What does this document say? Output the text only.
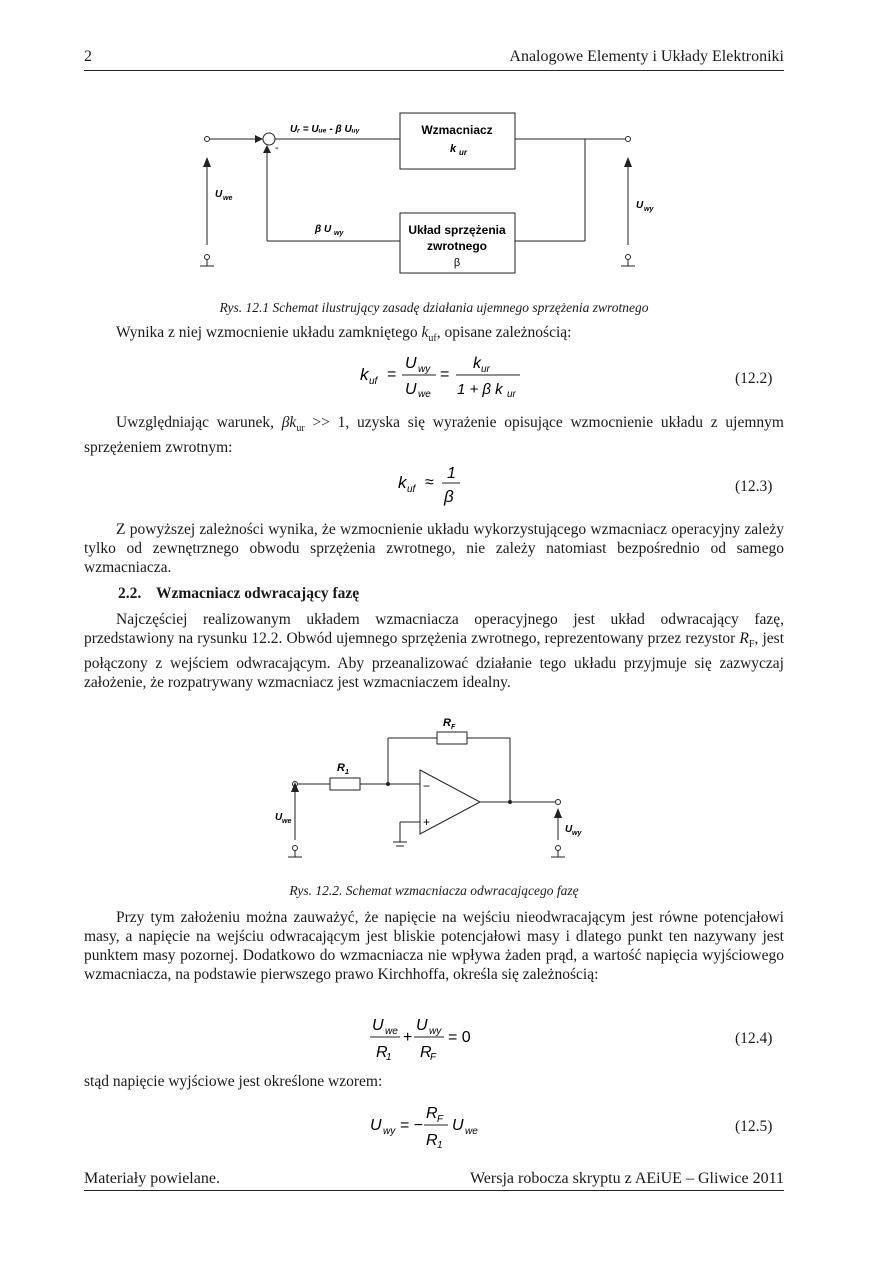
2	Analogowe Elementy i Układy Elektroniki
-
Wzmacniacz
k ur
Układ sprzężenia
zwrotnego
β
Uᵣ = Uᵤₑ - β Uᵤᵧ
β U wy
U we
U wy
Rys. 12.1 Schemat ilustrujący zasadę działania ujemnego sprzężenia zwrotnego
Wynika z niej wzmocnienie układu zamkniętego $k_{uf}$, opisane zależnością:
k uf =
U wy
U we
=
k ur
1 + β k ur
(12.2)
Uwzględniając warunek, $\beta k_{ur} >> 1$, uzyska się wyrażenie opisujące wzmocnienie układu z ujemnym sprzężeniem zwrotnym:
k uf ≈
1
β
(12.3)
Z powyższej zależności wynika, że wzmocnienie układu wykorzystującego wzmacniacz operacyjny zależy tylko od zewnętrznego obwodu sprzężenia zwrotnego, nie zależy natomiast bezpośrednio od samego wzmacniacza.
2.2. Wzmacniacz odwracający fazę
Najczęściej realizowanym układem wzmacniacza operacyjnego jest układ odwracający fazę, przedstawiony na rysunku 12.2. Obwód ujemnego sprzężenia zwrotnego, reprezentowany przez rezystor $R_F$, jest połączony z wejściem odwracającym. Aby przeanalizować działanie tego układu przyjmuje się zazwyczaj założenie, że rozpatrywany wzmacniacz jest wzmacniaczem idealny.
R F
R 1
−
+
U we
U wy
Rys. 12.2. Schemat wzmacniacza odwracającego fazę
Przy tym założeniu można zauważyć, że napięcie na wejściu nieodwracającym jest równe potencjałowi masy, a napięcie na wejściu odwracającym jest bliskie potencjałowi masy i dlatego punkt ten nazywany jest punktem masy pozornej. Dodatkowo do wzmacniacza nie wpływa żaden prąd, a wartość napięcia wyjściowego wzmacniacza, na podstawie pierwszego prawo Kirchhoffa, określa się zależnością:
U we
R
1
+
U wy
R
F
= 0	(12.4)
stąd napięcie wyjściowe jest określone wzorem:
U wy = −
R F
R 1
U we	(12.5)
Materiały powielane.	Wersja robocza skryptu z AEiUE – Gliwice 2011
